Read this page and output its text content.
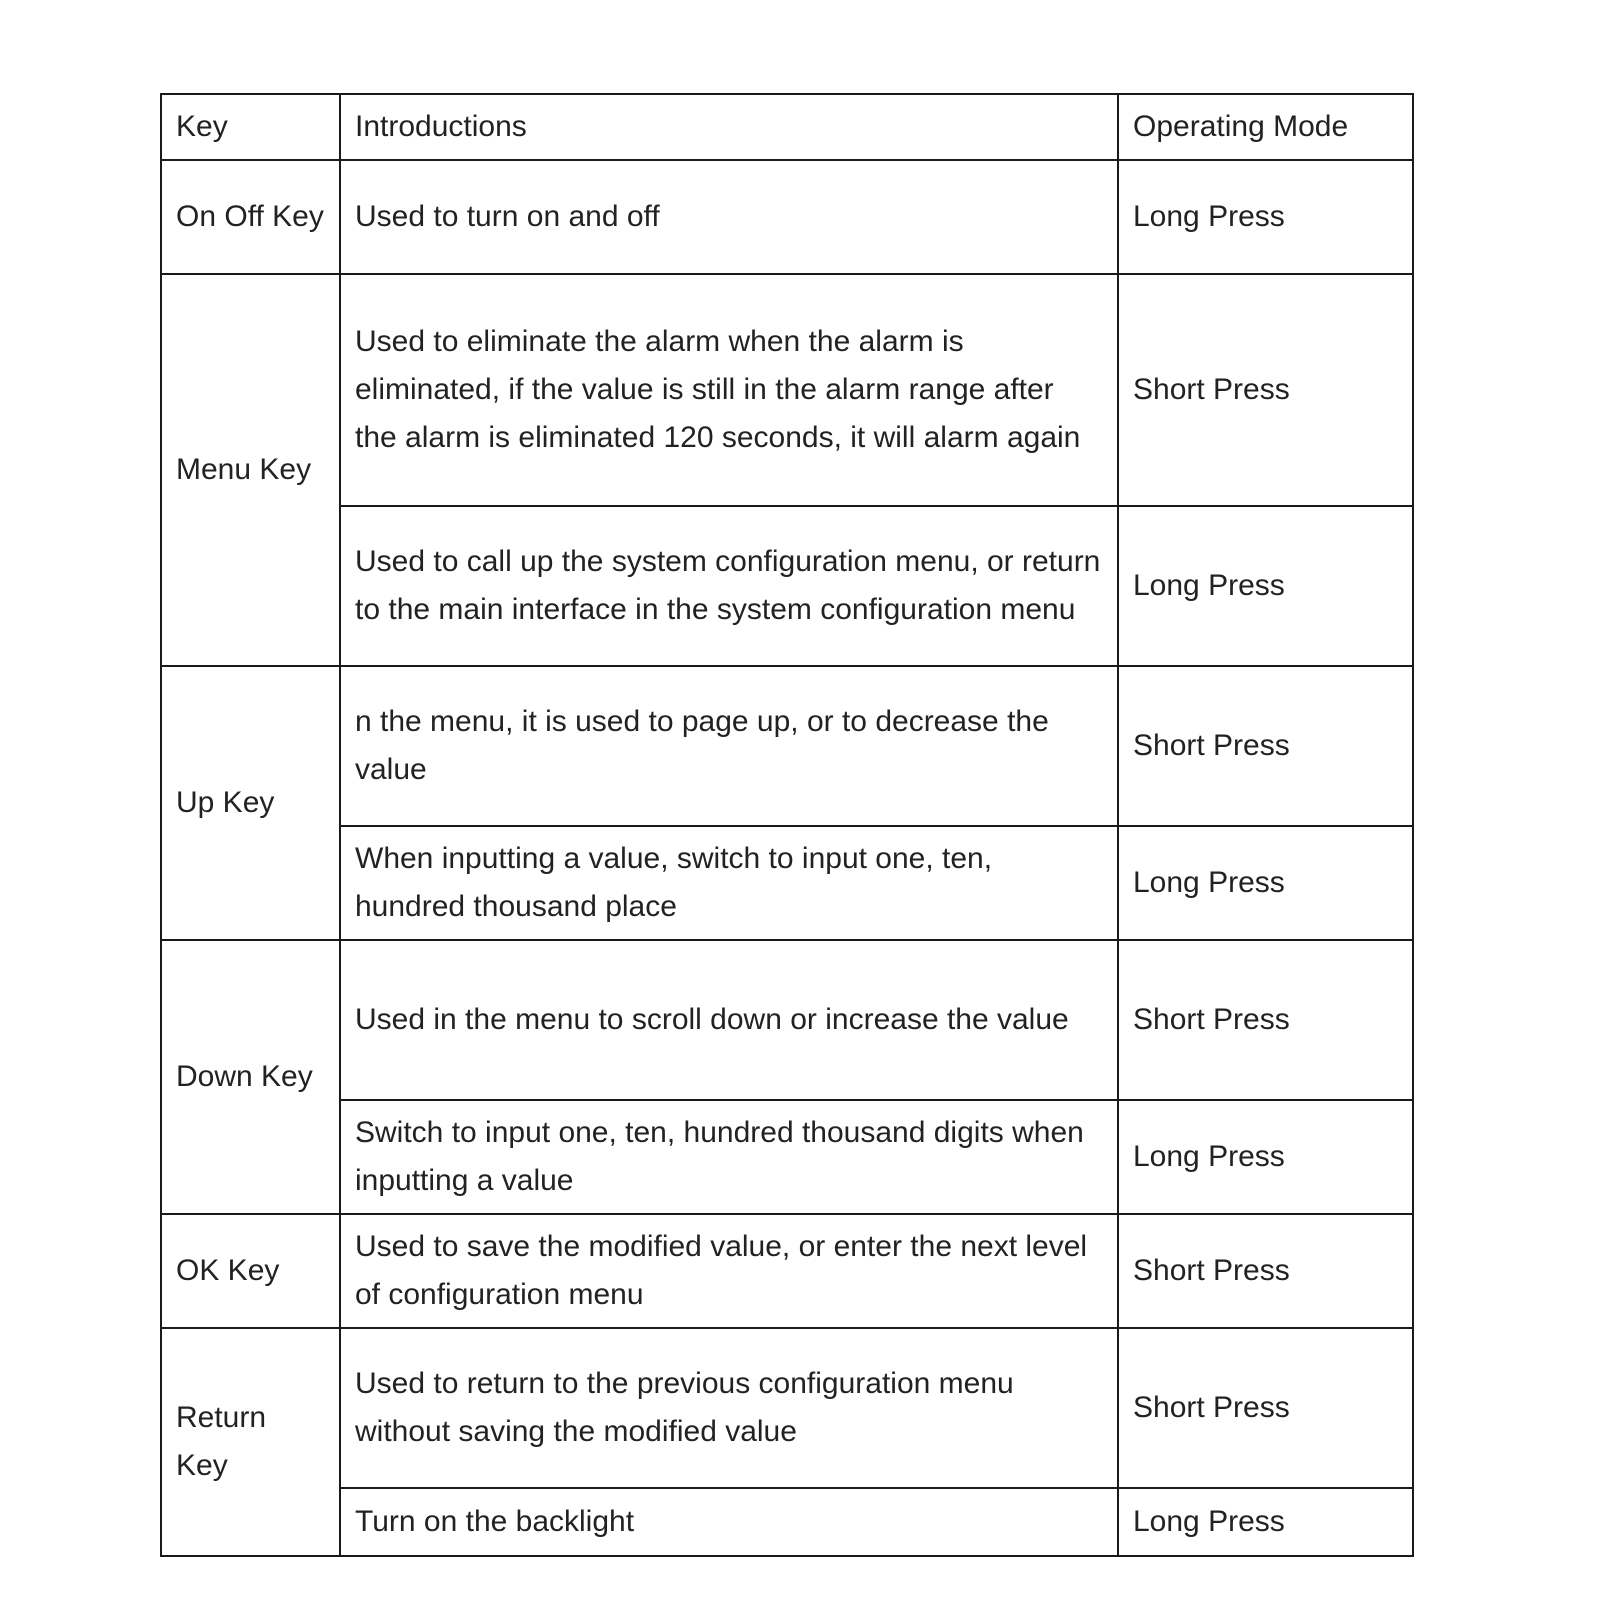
Key	Introductions	Operating Mode
On Off Key	Used to turn on and off	Long Press
Menu Key	Used to eliminate the alarm when the alarm is eliminated, if the value is still in the alarm range after the alarm is eliminated 120 seconds, it will alarm again	Short Press
	Used to call up the system configuration menu, or return to the main interface in the system configuration menu	Long Press
Up Key	n the menu, it is used to page up, or to decrease the value	Short Press
	When inputting a value, switch to input one, ten, hundred thousand place	Long Press
Down Key	Used in the menu to scroll down or increase the value	Short Press
	Switch to input one, ten, hundred thousand digits when inputting a value	Long Press
OK Key	Used to save the modified value, or enter the next level of configuration menu	Short Press
Return Key	Used to return to the previous configuration menu without saving the modified value	Short Press
	Turn on the backlight	Long Press
